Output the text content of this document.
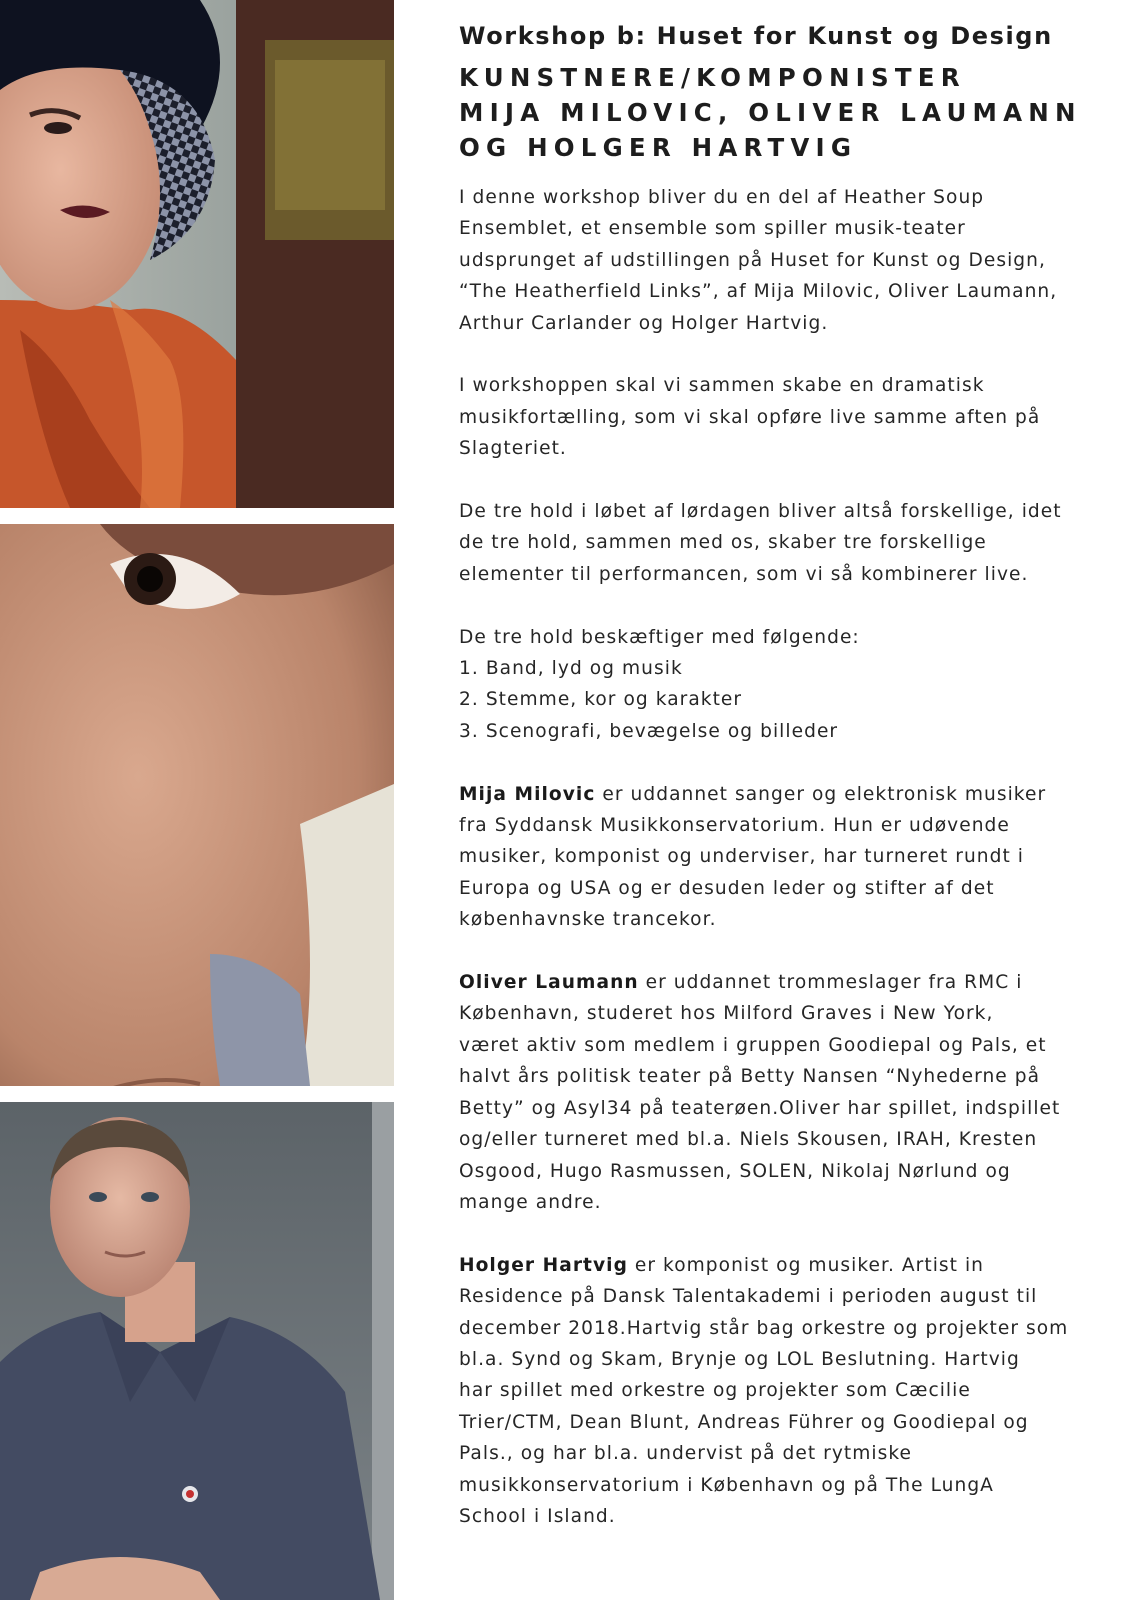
Workshop b: Huset for Kunst og Design
KUNSTNERE/KOMPONISTER
MIJA MILOVIC, OLIVER LAUMANN
OG HOLGER HARTVIG
I denne workshop bliver du en del af Heather Soup
Ensemblet, et ensemble som spiller musik-teater
udsprunget af udstillingen på Huset for Kunst og Design,
“The Heatherfield Links”, af Mija Milovic, Oliver Laumann,
Arthur Carlander og Holger Hartvig.
I workshoppen skal vi sammen skabe en dramatisk
musikfortælling, som vi skal opføre live samme aften på
Slagteriet.
De tre hold i løbet af lørdagen bliver altså forskellige, idet
de tre hold, sammen med os, skaber tre forskellige
elementer til performancen, som vi så kombinerer live.
De tre hold beskæftiger med følgende:
1. Band, lyd og musik
2. Stemme, kor og karakter
3. Scenografi, bevægelse og billeder
Mija Milovic er uddannet sanger og elektronisk musiker
fra Syddansk Musikkonservatorium. Hun er udøvende
musiker, komponist og underviser, har turneret rundt i
Europa og USA og er desuden leder og stifter af det
københavnske trancekor.
Oliver Laumann er uddannet trommeslager fra RMC i
København, studeret hos Milford Graves i New York,
været aktiv som medlem i gruppen Goodiepal og Pals, et
halvt års politisk teater på Betty Nansen “Nyhederne på
Betty” og Asyl34 på teaterøen.Oliver har spillet, indspillet
og/eller turneret med bl.a. Niels Skousen, IRAH, Kresten
Osgood, Hugo Rasmussen, SOLEN, Nikolaj Nørlund og
mange andre.
Holger Hartvig er komponist og musiker. Artist in
Residence på Dansk Talentakademi i perioden august til
december 2018.Hartvig står bag orkestre og projekter som
bl.a. Synd og Skam, Brynje og LOL Beslutning. Hartvig
har spillet med orkestre og projekter som Cæcilie
Trier/CTM, Dean Blunt, Andreas Führer og Goodiepal og
Pals., og har bl.a. undervist på det rytmiske
musikkonservatorium i København og på The LungA
School i Island.
